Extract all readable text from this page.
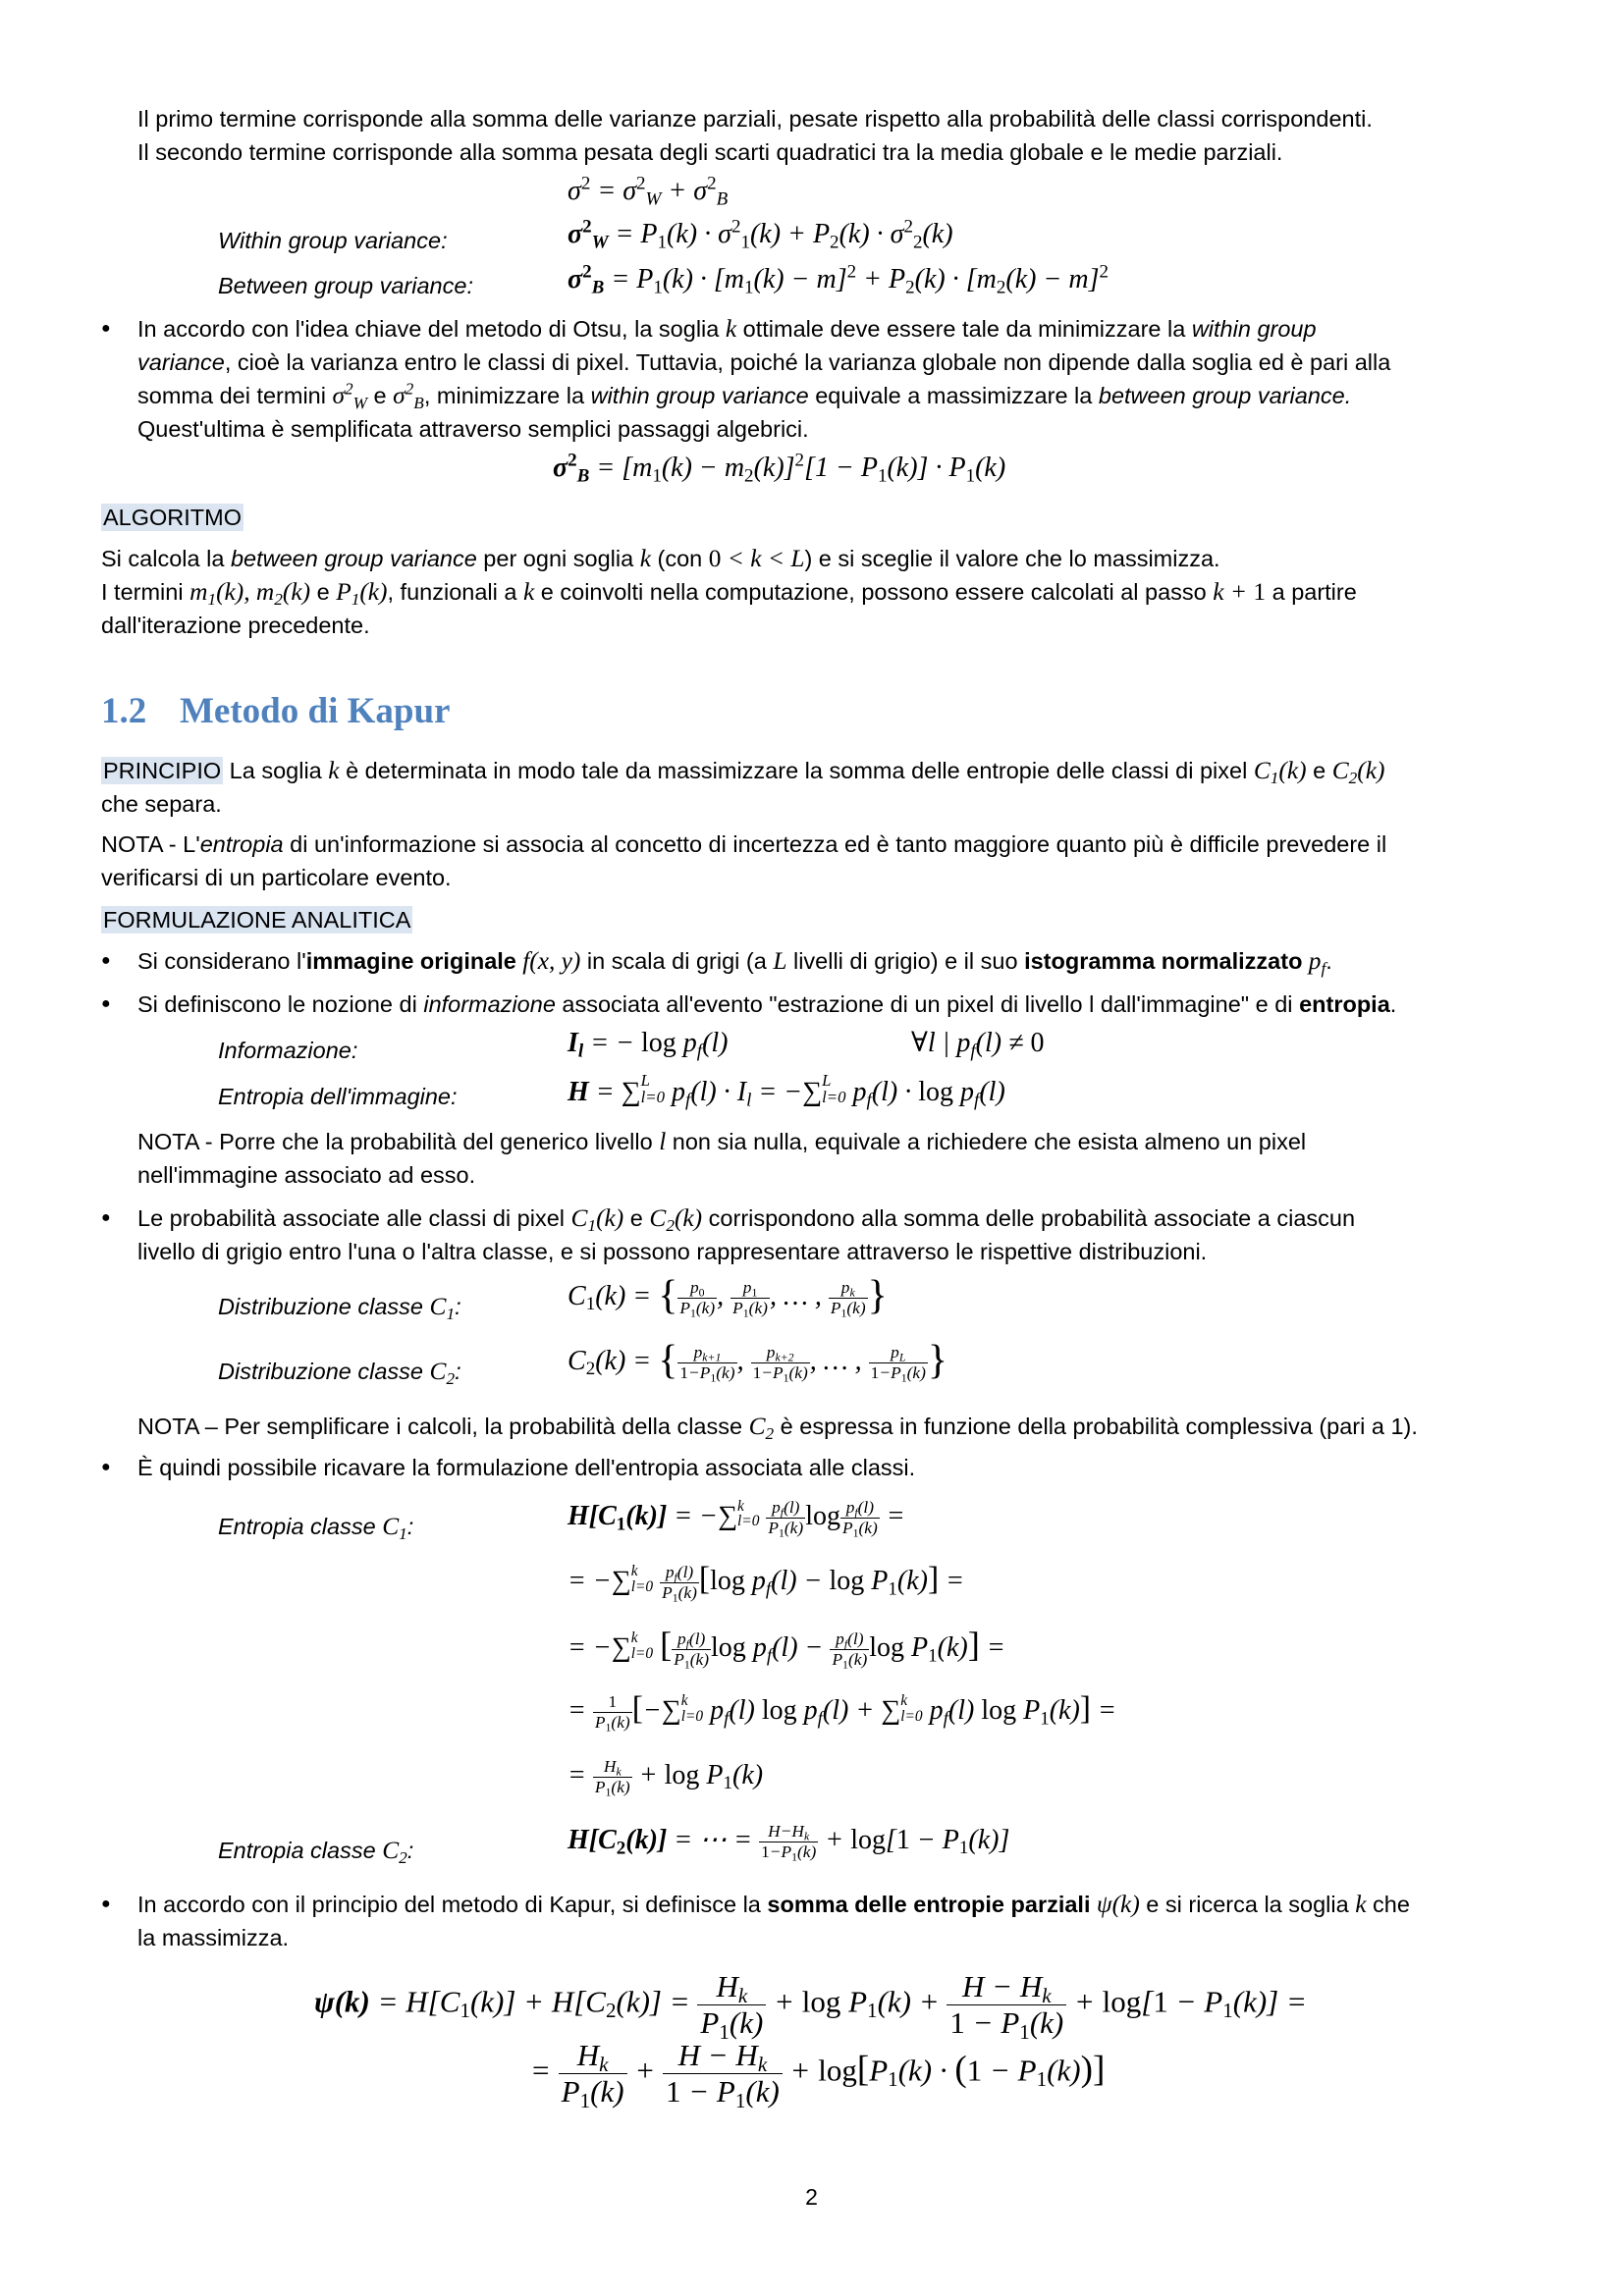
Il primo termine corrisponde alla somma delle varianze parziali, pesate rispetto alla probabilità delle classi corrispondenti.
Il secondo termine corrisponde alla somma pesata degli scarti quadratici tra la media globale e le medie parziali.
$\sigma^2 = \sigma^2_W + \sigma^2_B$
Within group variance:	$\sigma^2_W = P_1(k) \cdot \sigma^2_1(k) + P_2(k) \cdot \sigma^2_2(k)$
Between group variance:	$\sigma^2_B = P_1(k) \cdot [m_1(k) - m]^2 + P_2(k) \cdot [m_2(k) - m]^2$
● In accordo con l'idea chiave del metodo di Otsu, la soglia k ottimale deve essere tale da minimizzare la within group
variance, cioè la varianza entro le classi di pixel. Tuttavia, poiché la varianza globale non dipende dalla soglia ed è pari alla
somma dei termini $\sigma^2_W$ e $\sigma^2_B$, minimizzare la within group variance equivale a massimizzare la between group variance.
Quest'ultima è semplificata attraverso semplici passaggi algebrici.
$\sigma^2_B = [m_1(k) - m_2(k)]^2[1 - P_1(k)] \cdot P_1(k)$
ALGORITMO
Si calcola la between group variance per ogni soglia k (con 0 < k < L) e si sceglie il valore che lo massimizza.
I termini $m_1(k)$, $m_2(k)$ e $P_1(k)$, funzionali a k e coinvolti nella computazione, possono essere calcolati al passo k + 1 a partire
dall'iterazione precedente.
1.2 Metodo di Kapur
PRINCIPIO La soglia k è determinata in modo tale da massimizzare la somma delle entropie delle classi di pixel $C_1(k)$ e $C_2(k)$
che separa.
NOTA - L'entropia di un'informazione si associa al concetto di incertezza ed è tanto maggiore quanto più è difficile prevedere il
verificarsi di un particolare evento.
FORMULAZIONE ANALITICA
● Si considerano l'immagine originale f(x, y) in scala di grigi (a L livelli di grigio) e il suo istogramma normalizzato $p_f$.
● Si definiscono le nozione di informazione associata all'evento "estrazione di un pixel di livello l dall'immagine" e di entropia.
Informazione:	$I_l$ = − $\log p_f(l)$	∀l | $p_f(l) \ne 0$
Entropia dell'immagine:	H = ∑ L
l=0 $p_f(l) \cdot I_l$ = −∑ L
l=0 $p_f(l) \cdot \log p_f(l)$
NOTA - Porre che la probabilità del generico livello l non sia nulla, equivale a richiedere che esista almeno un pixel
nell'immagine associato ad esso.
● Le probabilità associate alle classi di pixel $C_1(k)$ e $C_2(k)$ corrispondono alla somma delle probabilità associate a ciascun
livello di grigio entro l'una o l'altra classe, e si possono rappresentare attraverso le rispettive distribuzioni.
Distribuzione classe $C_1$:	$C_1(k)$ = { $\frac{p_0}{P_1(k)}$ , $\frac{p_1}{P_1(k)}$ , … , $\frac{p_k}{P_1(k)}$ }
Distribuzione classe $C_2$:	$C_2(k)$ = { $\frac{p_{k+1}}{1-P_1(k)}$ , $\frac{p_{k+2}}{1-P_1(k)}$ , … , $\frac{p_L}{1-P_1(k)}$ }
NOTA – Per semplificare i calcoli, la probabilità della classe $C_2$ è espressa in funzione della probabilità complessiva (pari a 1).
● È quindi possibile ricavare la formulazione dell'entropia associata alle classi.
Entropia classe $C_1$:	$H[C_1(k)]$ = −∑ k
l=0
$\frac{p_f(l)}{P_1(k)}$ $\log \frac{p_f(l)}{P_1(k)}$ =
= −∑ k
l=0
$\frac{p_f(l)}{P_1(k)} [\log$ $p_f(l) - \log P_1(k)$] =
= −∑ k
l=0 [ $\frac{p_f(l)}{P_1(k)}$ $\log p_f(l) - \frac{p_f(l)}{P_1(k)}$ $\log P_1(k)$] =
= $\frac{1}{P_1(k)}$ [−∑ k
l=0 $p_f(l)$ $\log p_f(l)$ + ∑ k
l=0 $p_f(l)$ $\log P_1(k)$] =
= $\frac{H_k}{P_1(k)} + \log P_1(k)$
Entropia classe $C_2$:	$H[C_2(k)]$ = ⋯ = $\frac{H-H_k}{1-P_1(k)} + \log[1 - P_1(k)]$
● In accordo con il principio del metodo di Kapur, si definisce la somma delle entropie parziali ψ(k) e si ricerca la soglia k che
la massimizza.
$\psi(k) = H[C_1(k)] + H[C_2(k)] = \frac{H_k}{P_1(k)} + \log P_1(k) + \frac{H - H_k}{1 - P_1(k)} + \log[1 - P_1(k)]$ =
= $\frac{H_k}{P_1(k)} + \frac{H - H_k}{1 - P_1(k)} + \log[P_1(k) \cdot (1 - P_1(k))]$
2
